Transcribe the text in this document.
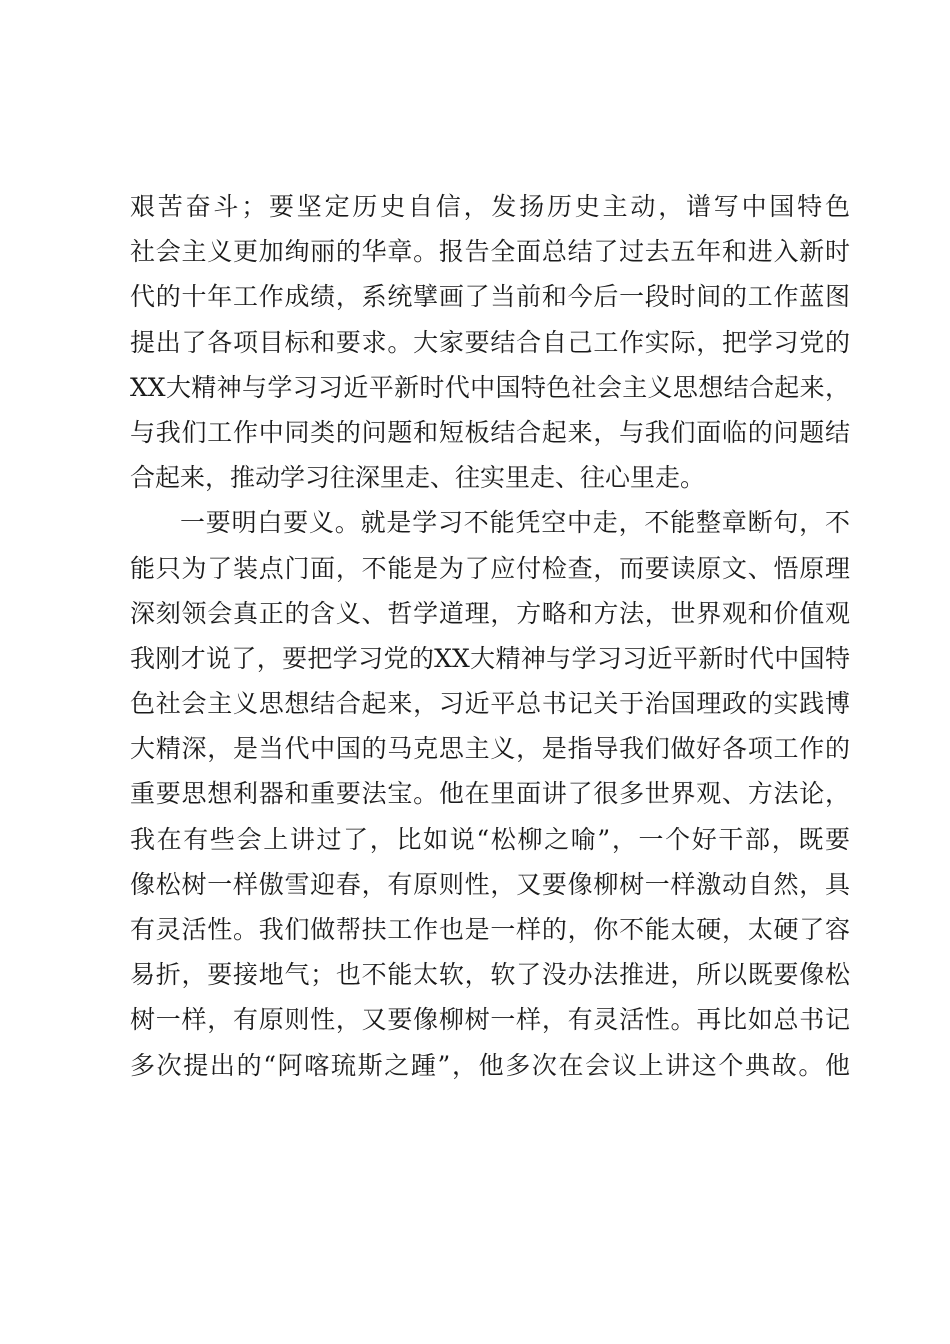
艰苦奋斗；要坚定历史自信，发扬历史主动，谱写中国特色
社会主义更加绚丽的华章。报告全面总结了过去五年和进入新时
代的十年工作成绩，系统擘画了当前和今后一段时间的工作蓝图
提出了各项目标和要求。大家要结合自己工作实际，把学习党的
XX大精神与学习习近平新时代中国特色社会主义思想结合起来，
与我们工作中同类的问题和短板结合起来，与我们面临的问题结
合起来，推动学习往深里走、往实里走、往心里走。
一要明白要义。就是学习不能凭空中走，不能整章断句，不
能只为了装点门面，不能是为了应付检查，而要读原文、悟原理
深刻领会真正的含义、哲学道理，方略和方法，世界观和价值观
我刚才说了，要把学习党的XX大精神与学习习近平新时代中国特
色社会主义思想结合起来，习近平总书记关于治国理政的实践博
大精深，是当代中国的马克思主义，是指导我们做好各项工作的
重要思想利器和重要法宝。他在里面讲了很多世界观、方法论，
我在有些会上讲过了，比如说“松柳之喻”，一个好干部，既要
像松树一样傲雪迎春，有原则性，又要像柳树一样激动自然，具
有灵活性。我们做帮扶工作也是一样的，你不能太硬，太硬了容
易折，要接地气；也不能太软，软了没办法推进，所以既要像松
树一样，有原则性，又要像柳树一样，有灵活性。再比如总书记
多次提出的“阿喀琉斯之踵”，他多次在会议上讲这个典故。他
